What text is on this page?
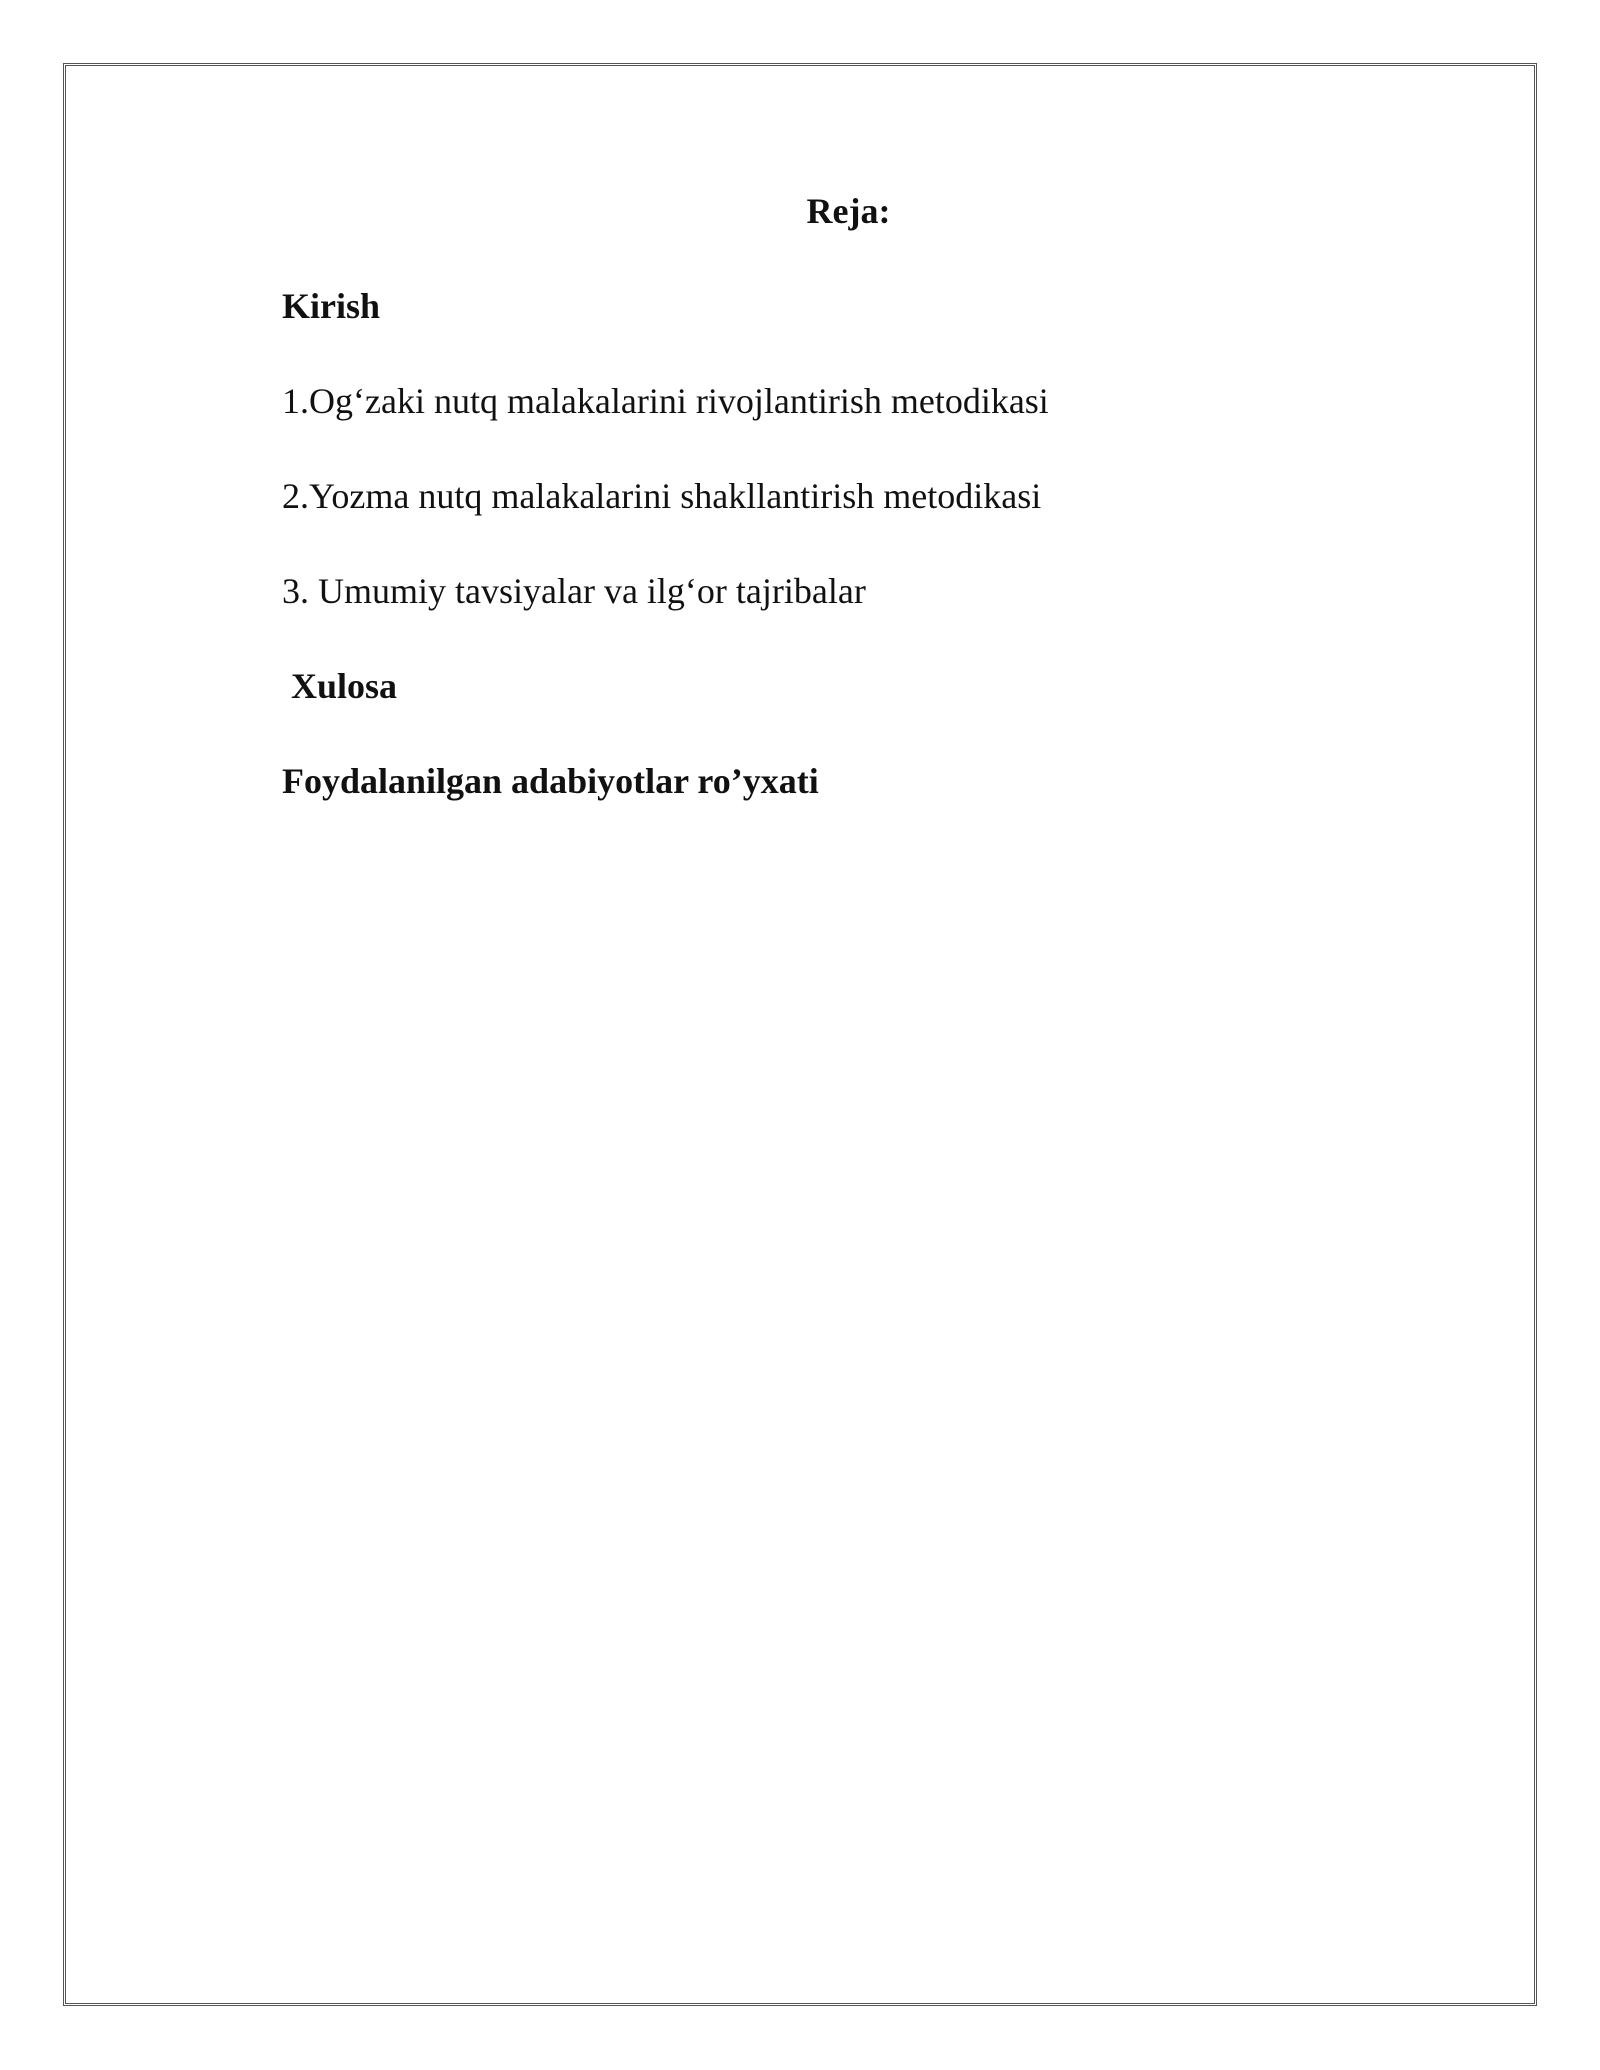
Reja:
Kirish
1.Og‘zaki nutq malakalarini rivojlantirish metodikasi
2.Yozma nutq malakalarini shakllantirish metodikasi
3. Umumiy tavsiyalar va ilg‘or tajribalar
Xulosa
Foydalanilgan adabiyotlar ro’yxati
